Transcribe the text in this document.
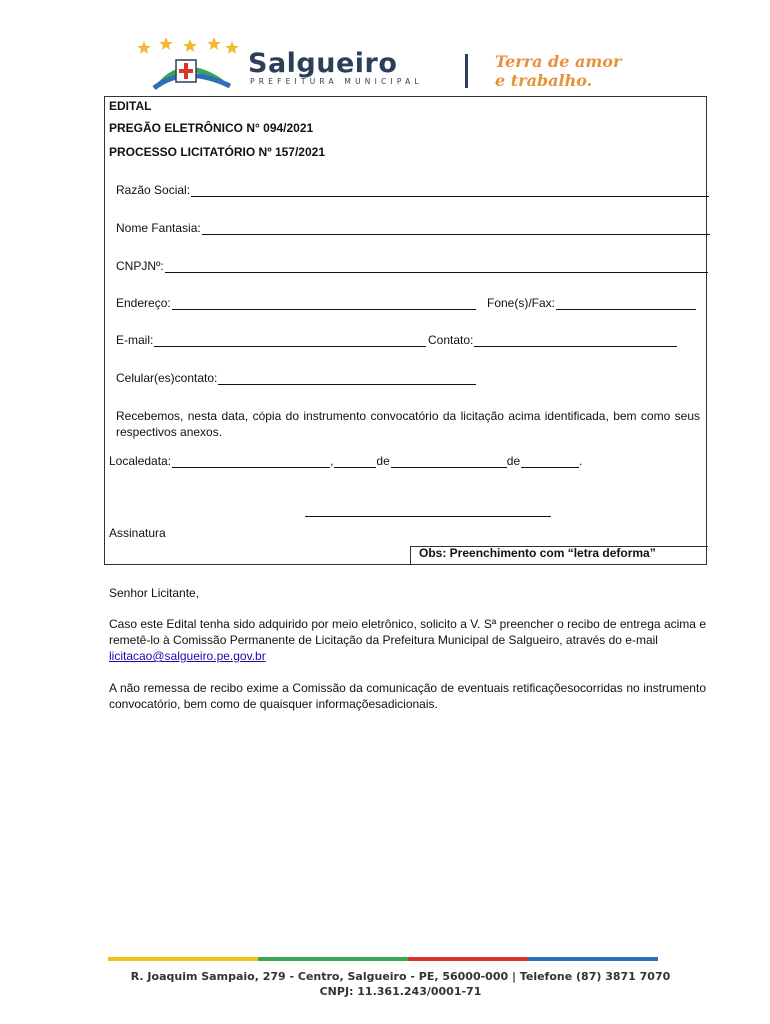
Salgueiro
PREFEITURA MUNICIPAL
Terra de amor
e trabalho.
EDITAL
PREGÃO ELETRÔNICO N° 094/2021
PROCESSO LICITATÓRIO Nº 157/2021
Razão Social:
Nome Fantasia:
CNPJNº:
Endereço:	Fone(s)/Fax:
E-mail:	Contato:
Celular(es)contato:
Recebemos, nesta data, cópia do instrumento convocatório da licitação acima identificada, bem como seus respectivos anexos.
Localedata:	,	de	de	.
Assinatura
Obs: Preenchimento com “letra deforma”
Senhor Licitante,
Caso este Edital tenha sido adquirido por meio eletrônico, solicito a V. Sª preencher o recibo de entrega acima e remetê-lo à Comissão Permanente de Licitação da Prefeitura Municipal de Salgueiro, através do e-mail
licitacao@salgueiro.pe.gov.br
A não remessa de recibo exime a Comissão da comunicação de eventuais retificaçõesocorridas no instrumento convocatório, bem como de quaisquer informaçõesadicionais.
R. Joaquim Sampaio, 279 - Centro, Salgueiro - PE, 56000-000 | Telefone (87) 3871 7070
CNPJ: 11.361.243/0001-71
